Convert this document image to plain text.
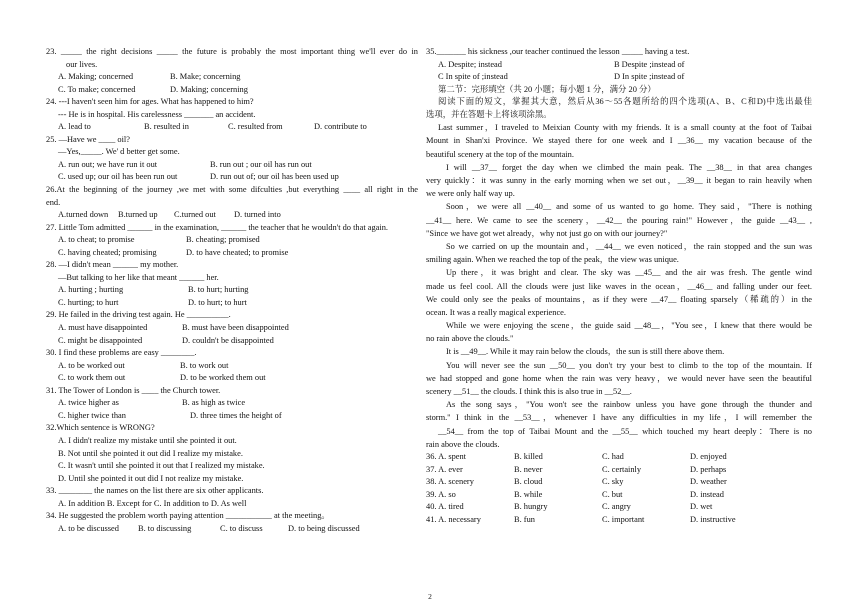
23. _____ the right decisions _____ the future is probably the most important thing we'll ever do in
our lives.
A. Making; concerned	B. Make; concerning
C. To make; concerned	D. Making; concerning
24. ---I haven't seen him for ages. What has happened to him?
--- He is in hospital. His carelessness _______ an accident.
A. lead to	B. resulted in	C. resulted from	D. contribute to
25. —Have we ____ oil?
—Yes,_____. We' d better get some.
A. run out; we have run it out	B. run out ; our oil has run out
C. used up; our oil has been run out	D. run out of; our oil has been used up
26.At the beginning of the journey ,we met with some difculties ,but everything ____ all right in the
end.
A.turned down	B.turned up	C.turned out	D. turned into
27. Little Tom admitted ______ in the examination, ______ the teacher that he wouldn't do that again.
A. to cheat; to promise	B. cheating; promised
C. having cheated; promising	D. to have cheated; to promise
28. —I didn't mean ______ my mother.
—But talking to her like that meant ______ her.
A. hurting ; hurting	B. to hurt; hurting
C. hurting; to hurt	D. to hurt; to hurt
29. He failed in the driving test again. He __________.
A. must have disappointed	B. must have been disappointed
C. might be disappointed	D. couldn't be disappointed
30. I find these problems are easy ________.
A. to be worked out	B. to work out
C. to work them out	D. to be worked them out
31. The Tower of London is ____ the Church tower.
A. twice higher as	B. as high as twice
C. higher twice than	D. three times the height of
32.Which sentence is WRONG?
A. I didn't realize my mistake until she pointed it out.
B. Not until she pointed it out did I realize my mistake.
C. It wasn't until she pointed it out that I realized my mistake.
D. Until she pointed it out did I not realize my mistake.
33. ________ the names on the list there are six other applicants.
A. In addition B. Except for C. In addition to D. As well
34. He suggested the problem worth paying attention ___________ at the meeting。
A. to be discussed	B. to discussing	C. to discuss	D. to being discussed
35._______ his sickness ,our teacher continued the lesson _____ having a test.
A. Despite; instead	B Despite ;instead of
C In spite of ;instead	D In spite ;instead of
第二节：完形填空（共 20 小题；每小题 1 分，满分 20 分）
阅读下面的短文，掌握其大意，然后从36～55各题所给的四个选项(A、B、C和D)中选出最佳
选项，并在答题卡上将该项涂黑。
Last summer，I traveled to Meixian County with my friends. It is a small county at the foot of Taibai
Mount in Shan'xi Province. We stayed there for one week and I __36__ my vacation because of the
beautiful scenery at the top of the mountain.
I will __37__ forget the day when we climbed the main peak. The __38__ in that area changes
very quickly：it was sunny in the early morning when we set out，__39__ it began to rain heavily when
we were only half way up.
Soon，we were all __40__ and some of us wanted to go home. They said，"There is nothing
__41__ here. We came to see the scenery，__42__ the pouring rain!" However，the guide __43__ ,
"Since we have got wet already，why not just go on with our journey?"
So we carried on up the mountain and，__44__ we even noticed，the rain stopped and the sun was
smiling again. When we reached the top of the peak，the view was unique.
Up there，it was bright and clear. The sky was __45__ and the air was fresh. The gentle wind
made us feel cool. All the clouds were just like waves in the ocean，__46__ and falling under our feet.
We could only see the peaks of mountains，as if they were __47__ floating sparsely（稀疏的）in the
ocean. It was a really magical experience.
While we were enjoying the scene，the guide said __48__，"You see，I knew that there would be
no rain above the clouds."
It is __49__. While it may rain below the clouds，the sun is still there above them.
You will never see the sun __50__ you don't try your best to climb to the top of the mountain. If
we had stopped and gone home when the rain was very heavy，we would never have seen the beautiful
scenery __51__ the clouds. I think this is also true in __52__.
As the song says，"You won't see the rainbow unless you have gone through the thunder and
storm." I think in the __53__，whenever I have any difficulties in my life，I will remember the
__54__ from the top of Taibai Mount and the __55__ which touched my heart deeply：There is no
rain above the clouds.
36. A. spent	B. killed	C. had	D. enjoyed
37. A. ever	B. never	C. certainly	D. perhaps
38. A. scenery	B. cloud	C. sky	D. weather
39. A. so	B. while	C. but	D. instead
40. A. tired	B. hungry	C. angry	D. wet
41. A. necessary	B. fun	C. important	D. instructive
2
